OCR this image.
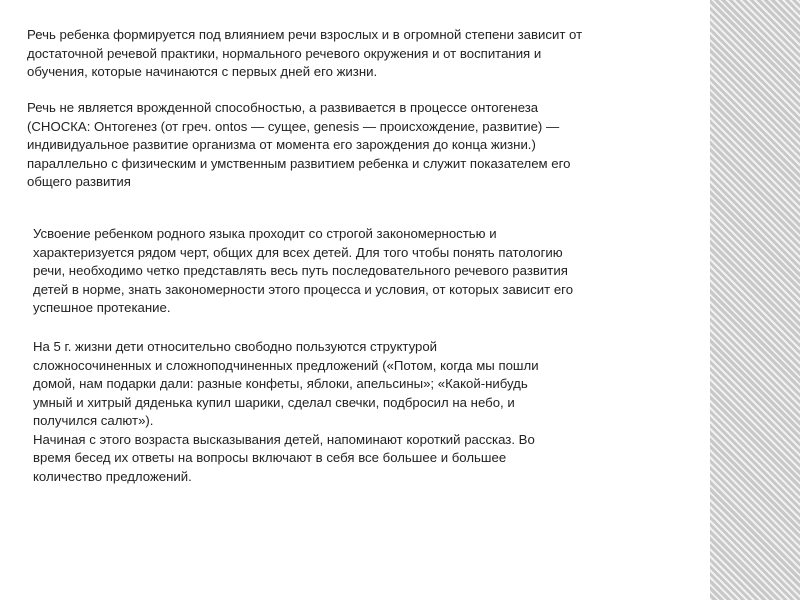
Речь ребенка формируется под влиянием речи взрослых и в огромной степени зависит от
достаточной речевой практики, нормального речевого окружения и от воспитания и
обучения, которые начинаются с первых дней его жизни.

Речь не является врожденной способностью, а развивается в процессе онтогенеза
(СНОСКА: Онтогенез (от греч. ontos — сущее, genesis — происхождение, развитие) —
индивидуальное развитие организма от момента его зарождения до конца жизни.)
параллельно с физическим и умственным развитием ребенка и служит показателем его
общего развития

Усвоение ребенком родного языка проходит со строгой закономерностью и
характеризуется рядом черт, общих для всех детей. Для того чтобы понять патологию
речи, необходимо четко представлять весь путь последовательного речевого развития
детей в норме, знать закономерности этого процесса и условия, от которых зависит его
успешное протекание.

На 5 г. жизни дети относительно свободно пользуются структурой
сложносочиненных и сложноподчиненных предложений («Потом, когда мы пошли
домой, нам подарки дали: разные конфеты, яблоки, апельсины»; «Какой-нибудь
умный и хитрый дяденька купил шарики, сделал свечки, подбросил на небо, и
получился салют»).
Начиная с этого возраста высказывания детей, напоминают короткий рассказ. Во
время бесед их ответы на вопросы включают в себя все большее и большее
количество предложений.
